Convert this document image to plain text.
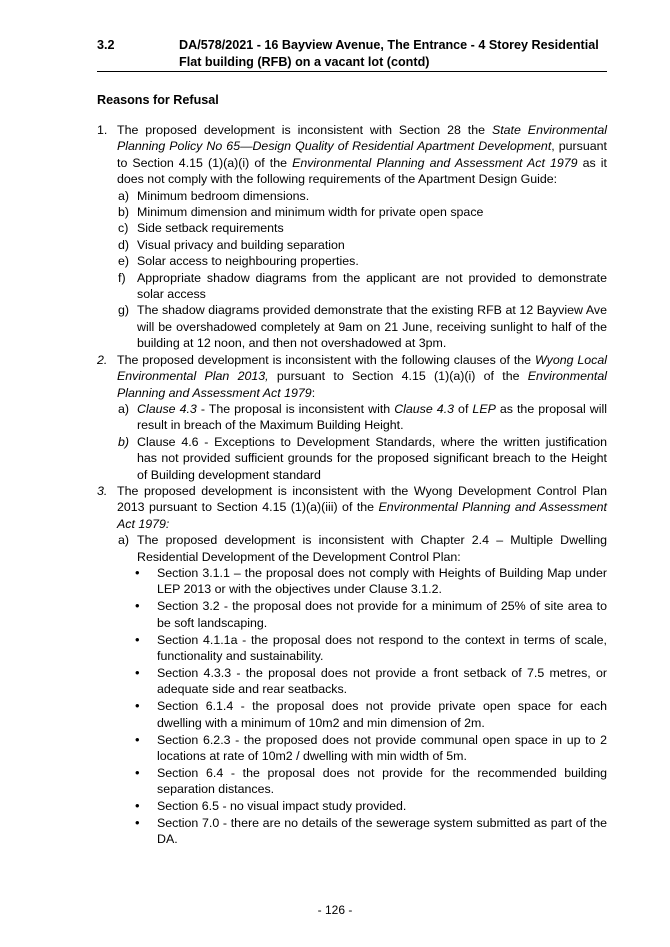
3.2	DA/578/2021 - 16 Bayview Avenue, The Entrance - 4 Storey Residential Flat building (RFB) on a vacant lot (contd)
Reasons for Refusal
1. The proposed development is inconsistent with Section 28 the State Environmental Planning Policy No 65—Design Quality of Residential Apartment Development, pursuant to Section 4.15 (1)(a)(i) of the Environmental Planning and Assessment Act 1979 as it does not comply with the following requirements of the Apartment Design Guide:
a) Minimum bedroom dimensions.
b) Minimum dimension and minimum width for private open space
c) Side setback requirements
d) Visual privacy and building separation
e) Solar access to neighbouring properties.
f) Appropriate shadow diagrams from the applicant are not provided to demonstrate solar access
g) The shadow diagrams provided demonstrate that the existing RFB at 12 Bayview Ave will be overshadowed completely at 9am on 21 June, receiving sunlight to half of the building at 12 noon, and then not overshadowed at 3pm.
2. The proposed development is inconsistent with the following clauses of the Wyong Local Environmental Plan 2013, pursuant to Section 4.15 (1)(a)(i) of the Environmental Planning and Assessment Act 1979:
a) Clause 4.3 - The proposal is inconsistent with Clause 4.3 of LEP as the proposal will result in breach of the Maximum Building Height.
b) Clause 4.6 - Exceptions to Development Standards, where the written justification has not provided sufficient grounds for the proposed significant breach to the Height of Building development standard
3. The proposed development is inconsistent with the Wyong Development Control Plan 2013 pursuant to Section 4.15 (1)(a)(iii) of the Environmental Planning and Assessment Act 1979:
a) The proposed development is inconsistent with Chapter 2.4 – Multiple Dwelling Residential Development of the Development Control Plan:
• Section 3.1.1 – the proposal does not comply with Heights of Building Map under LEP 2013 or with the objectives under Clause 3.1.2.
• Section 3.2 - the proposal does not provide for a minimum of 25% of site area to be soft landscaping.
• Section 4.1.1a - the proposal does not respond to the context in terms of scale, functionality and sustainability.
• Section 4.3.3 - the proposal does not provide a front setback of 7.5 metres, or adequate side and rear seatbacks.
• Section 6.1.4 - the proposal does not provide private open space for each dwelling with a minimum of 10m2 and min dimension of 2m.
• Section 6.2.3 - the proposed does not provide communal open space in up to 2 locations at rate of 10m2 / dwelling with min width of 5m.
• Section 6.4 - the proposal does not provide for the recommended building separation distances.
• Section 6.5 - no visual impact study provided.
• Section 7.0 - there are no details of the sewerage system submitted as part of the DA.
- 126 -
